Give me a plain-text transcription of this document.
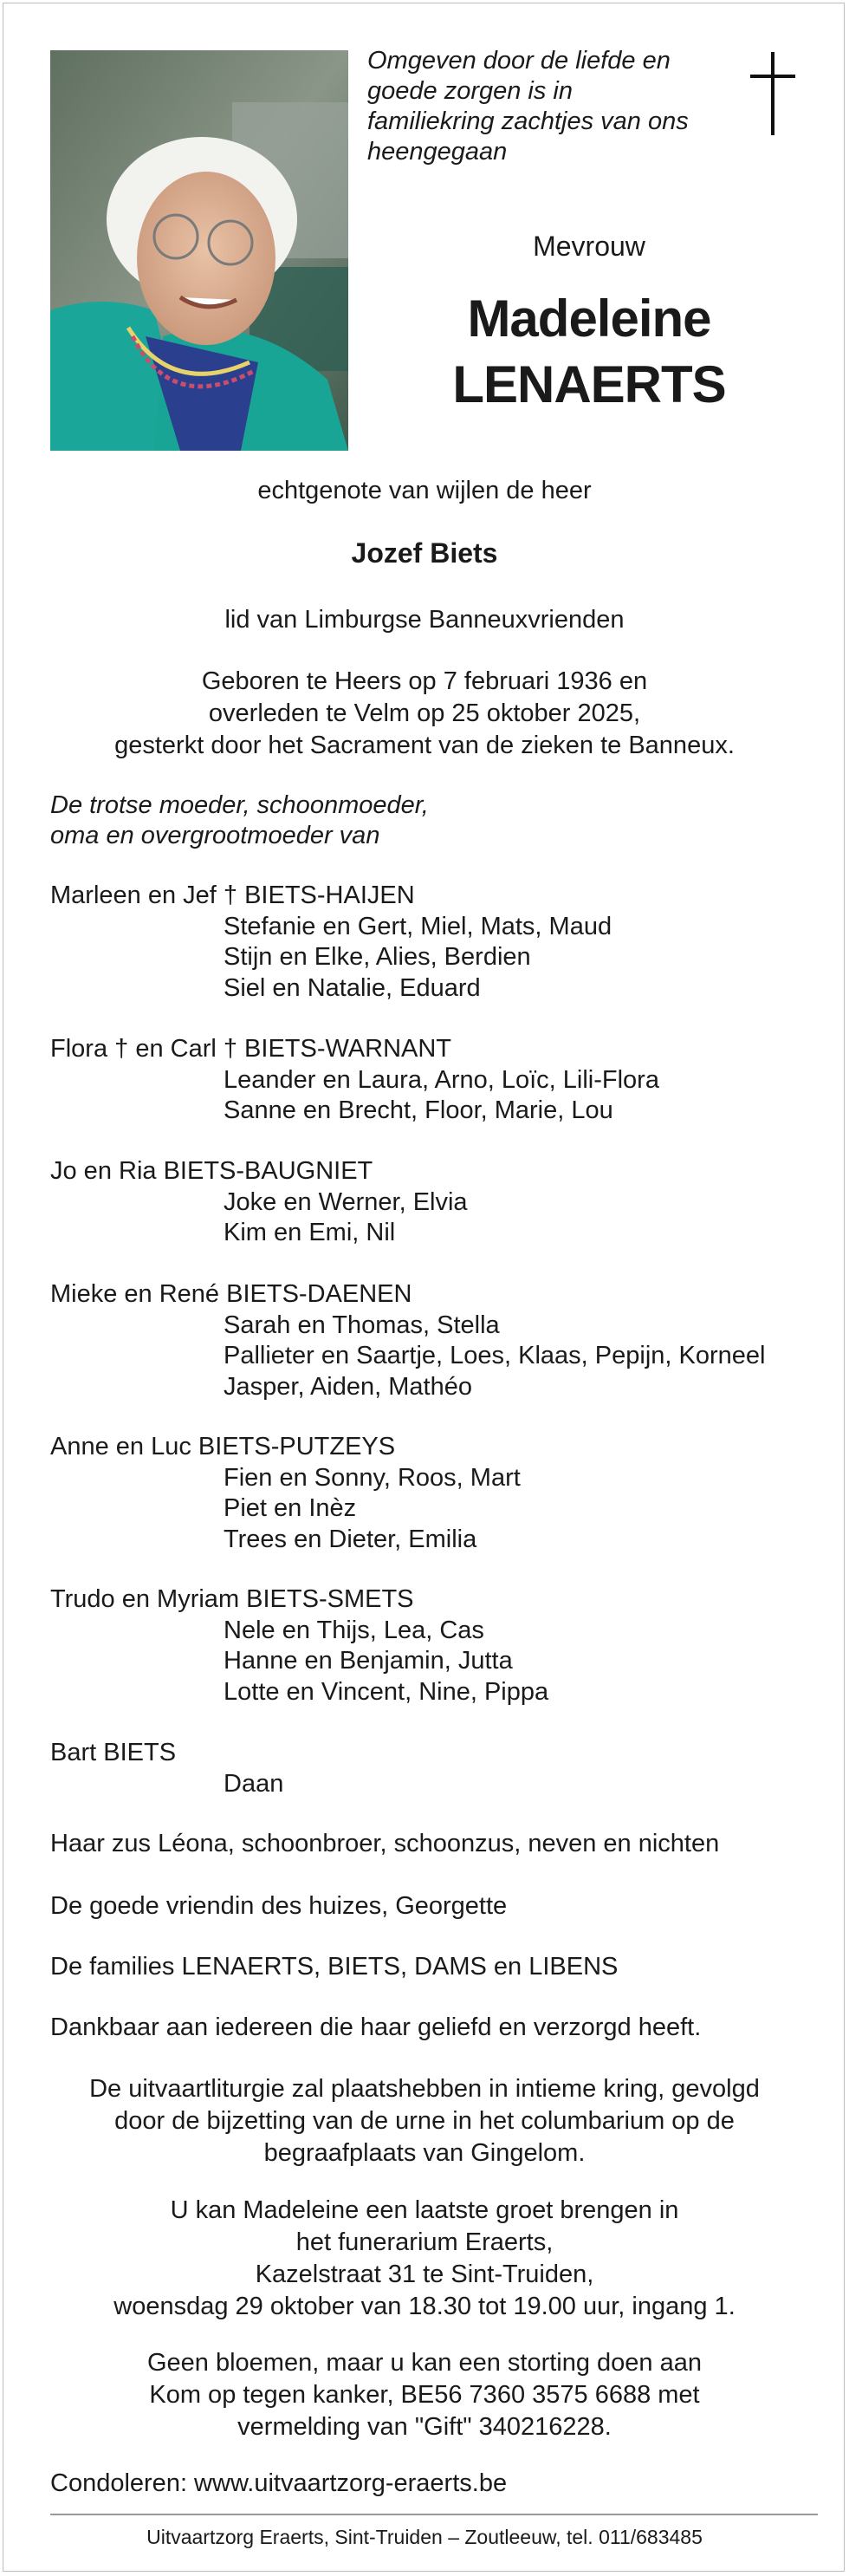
Omgeven door de liefde en
goede zorgen is in
familiekring zachtjes van ons
heengegaan
Mevrouw
Madeleine
LENAERTS
echtgenote van wijlen de heer
Jozef Biets
lid van Limburgse Banneuxvrienden
Geboren te Heers op 7 februari 1936 en
overleden te Velm op 25 oktober 2025,
gesterkt door het Sacrament van de zieken te Banneux.
De trotse moeder, schoonmoeder,
oma en overgrootmoeder van
Marleen en Jef † BIETS-HAIJEN
Stefanie en Gert, Miel, Mats, Maud
Stijn en Elke, Alies, Berdien
Siel en Natalie, Eduard
Flora † en Carl † BIETS-WARNANT
Leander en Laura, Arno, Loïc, Lili-Flora
Sanne en Brecht, Floor, Marie, Lou
Jo en Ria BIETS-BAUGNIET
Joke en Werner, Elvia
Kim en Emi, Nil
Mieke en René BIETS-DAENEN
Sarah en Thomas, Stella
Pallieter en Saartje, Loes, Klaas, Pepijn, Korneel
Jasper, Aiden, Mathéo
Anne en Luc BIETS-PUTZEYS
Fien en Sonny, Roos, Mart
Piet en Inèz
Trees en Dieter, Emilia
Trudo en Myriam BIETS-SMETS
Nele en Thijs, Lea, Cas
Hanne en Benjamin, Jutta
Lotte en Vincent, Nine, Pippa
Bart BIETS
Daan
Haar zus Léona, schoonbroer, schoonzus, neven en nichten
De goede vriendin des huizes, Georgette
De families LENAERTS, BIETS, DAMS en LIBENS
Dankbaar aan iedereen die haar geliefd en verzorgd heeft.
De uitvaartliturgie zal plaatshebben in intieme kring, gevolgd
door de bijzetting van de urne in het columbarium op de
begraafplaats van Gingelom.
U kan Madeleine een laatste groet brengen in
het funerarium Eraerts,
Kazelstraat 31 te Sint-Truiden,
woensdag 29 oktober van 18.30 tot 19.00 uur, ingang 1.
Geen bloemen, maar u kan een storting doen aan
Kom op tegen kanker, BE56 7360 3575 6688 met
vermelding van "Gift" 340216228.
Condoleren: www.uitvaartzorg-eraerts.be
Uitvaartzorg Eraerts, Sint-Truiden – Zoutleeuw, tel. 011/683485
